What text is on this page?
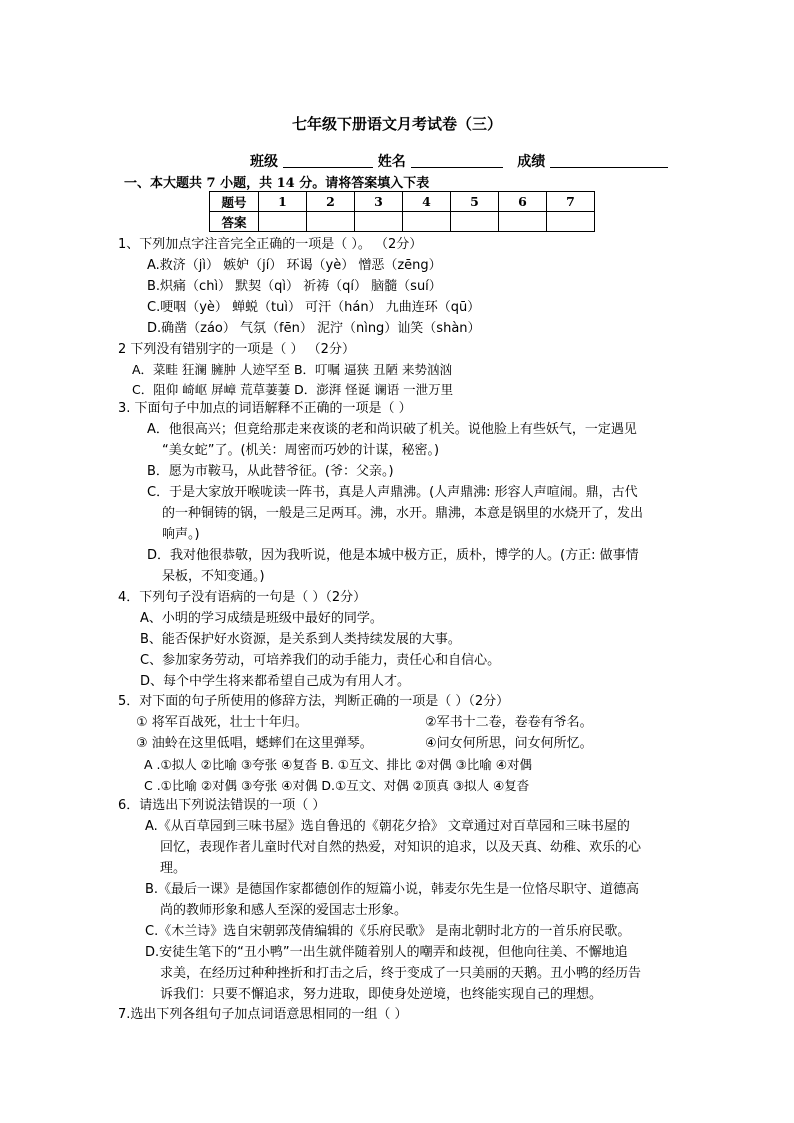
七年级下册语文月考试卷（三）
班级	姓名	成绩
一、本大题共 7 小题，共 14 分。请将答案填入下表
题号	1	2	3	4	5	6	7
答案							
1、下列加点字注音完全正确的一项是（ ）。 （2分）
A.救济（jì） 嫉妒（jí） 环谒（yè） 憎恶（zēng）
B.炽痛（chì） 默契（qì） 祈祷（qí） 脑髓（suí）
C.哽咽（yè） 蝉蜕（tuì） 可汗（hán） 九曲连环（qū）
D.确凿（záo） 气氛（fēn） 泥泞（nìng）讪笑（shàn）
2 下列没有错别字的一项是（ ） （2分）
A．菜畦 狂澜 臃肿 人迹罕至 B．叮嘱 逼狭 丑陋 来势汹汹
C．阻仰 崎岖 屏嶂 荒草萋萋 D．澎湃 怪诞 谰语 一泄万里
3. 下面句子中加点的词语解释不正确的一项是（ ）
A．他很高兴；但竟给那走来夜谈的老和尚识破了机关。说他脸上有些妖气，一定遇见
“美女蛇”了。(机关：周密而巧妙的计谋，秘密。)
B．愿为市鞍马，从此替爷征。(爷：父亲。)
C．于是大家放开喉咙读一阵书，真是人声鼎沸。(人声鼎沸: 形容人声喧闹。鼎，古代
的一种铜铸的锅，一般是三足两耳。沸，水开。鼎沸，本意是锅里的水烧开了，发出
响声。)
D．我对他很恭敬，因为我听说，他是本城中极方正，质朴，博学的人。(方正: 做事情
呆板，不知变通。)
4．下列句子没有语病的一句是（ ）（2分）
A、小明的学习成绩是班级中最好的同学。
B、能否保护好水资源，是关系到人类持续发展的大事。
C、参加家务劳动，可培养我们的动手能力，责任心和自信心。
D、每个中学生将来都希望自己成为有用人才。
5．对下面的句子所使用的修辞方法，判断正确的一项是（ ）（2分）
① 将军百战死，壮士十年归。	②军书十二卷，卷卷有爷名。
③ 油蛉在这里低唱，蟋蟀们在这里弹琴。	④问女何所思，问女何所忆。
A .①拟人 ②比喻 ③夸张 ④复沓 B. ①互文、排比 ②对偶 ③比喻 ④对偶
C .①比喻 ②对偶 ③夸张 ④对偶 D.①互文、对偶 ②顶真 ③拟人 ④复沓
6．请选出下列说法错误的一项（ ）
A.《从百草园到三味书屋》选自鲁迅的《朝花夕拾》 文章通过对百草园和三味书屋的
回忆，表现作者儿童时代对自然的热爱，对知识的追求，以及天真、幼稚、欢乐的心
理。
B.《最后一课》是德国作家都德创作的短篇小说，韩麦尔先生是一位恪尽职守、道德高
尚的教师形象和感人至深的爱国志士形象。
C.《木兰诗》选自宋朝郭茂倩编辑的《乐府民歌》 是南北朝时北方的一首乐府民歌。
D.安徒生笔下的“丑小鸭”一出生就伴随着别人的嘲弄和歧视，但他向往美、不懈地追
求美，在经历过种种挫折和打击之后，终于变成了一只美丽的天鹅。丑小鸭的经历告
诉我们：只要不懈追求，努力进取，即使身处逆境，也终能实现自己的理想。
7.选出下列各组句子加点词语意思相同的一组（ ）
